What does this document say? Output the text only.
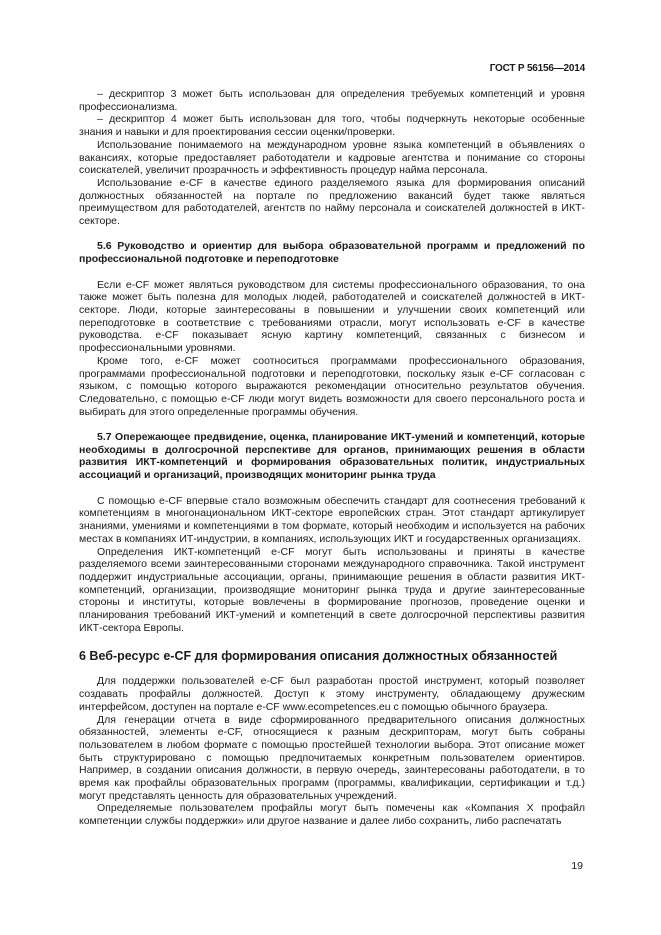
ГОСТ Р 56156—2014

– дескриптор 3 может быть использован для определения требуемых компетенций и уровня профессионализма.

– дескриптор 4 может быть использован для того, чтобы подчеркнуть некоторые особенные знания и навыки и для проектирования сессии оценки/проверки.

Использование понимаемого на международном уровне языка компетенций в объявлениях о вакансиях, которые предоставляет работодатели и кадровые агентства и понимание со стороны соискателей, увеличит прозрачность и эффективность процедур найма персонала.

Использование e-CF в качестве единого разделяемого языка для формирования описаний должностных обязанностей на портале по предложению вакансий будет также являться преимуществом для работодателей, агентств по найму персонала и соискателей должностей в ИКТ-секторе.

5.6 Руководство и ориентир для выбора образовательной программ и предложений по профессиональной подготовке и переподготовке

Если e-CF может являться руководством для системы профессионального образования, то она также может быть полезна для молодых людей, работодателей и соискателей должностей в ИКТ-секторе. Люди, которые заинтересованы в повышении и улучшении своих компетенций или переподготовке в соответствие с требованиями отрасли, могут использовать e-CF в качестве руководства. e-CF показывает ясную картину компетенций, связанных с бизнесом и профессиональными уровнями.

Кроме того, e-CF может соотноситься программами профессионального образования, программами профессиональной подготовки и переподготовки, поскольку язык e-CF согласован с языком, с помощью которого выражаются рекомендации относительно результатов обучения. Следовательно, с помощью e-CF люди могут видеть возможности для своего персонального роста и выбирать для этого определенные программы обучения.

5.7 Опережающее предвидение, оценка, планирование ИКТ-умений и компетенций, которые необходимы в долгосрочной перспективе для органов, принимающих решения в области развития ИКТ-компетенций и формирования образовательных политик, индустриальных ассоциаций и организаций, производящих мониторинг рынка труда

С помощью e-CF впервые стало возможным обеспечить стандарт для соотнесения требований к компетенциям в многонациональном ИКТ-секторе европейских стран. Этот стандарт артикулирует знаниями, умениями и компетенциями в том формате, который необходим и используется на рабочих местах в компаниях ИТ-индустрии, в компаниях, использующих ИКТ и государственных организациях.

Определения ИКТ-компетенций e-CF могут быть использованы и приняты в качестве разделяемого всеми заинтересованными сторонами международного справочника. Такой инструмент поддержит индустриальные ассоциации, органы, принимающие решения в области развития ИКТ-компетенций, организации, производящие мониторинг рынка труда и другие заинтересованные стороны и институты, которые вовлечены в формирование прогнозов, проведение оценки и планирования требований ИКТ-умений и компетенций в свете долгосрочной перспективы развития ИКТ-сектора Европы.

6 Веб-ресурс e-CF для формирования описания должностных обязанностей

Для поддержки пользователей e-CF был разработан простой инструмент, который позволяет создавать профайлы должностей. Доступ к этому инструменту, обладающему дружеским интерфейсом, доступен на портале e-CF www.ecompetences.eu с помощью обычного браузера.

Для генерации отчета в виде сформированного предварительного описания должностных обязанностей, элементы e-CF, относящиеся к разным дескрипторам, могут быть собраны пользователем в любом формате с помощью простейшей технологии выбора. Этот описание может быть структурировано с помощью предпочитаемых конкретным пользователем ориентиров. Например, в создании описания должности, в первую очередь, заинтересованы работодатели, в то время как профайлы образовательных программ (программы, квалификации, сертификации и т.д.) могут представлять ценность для образовательных учреждений.

Определяемые пользователем профайлы могут быть помечены как «Компания X профайл компетенции службы поддержки» или другое название и далее либо сохранить, либо распечатать

19
